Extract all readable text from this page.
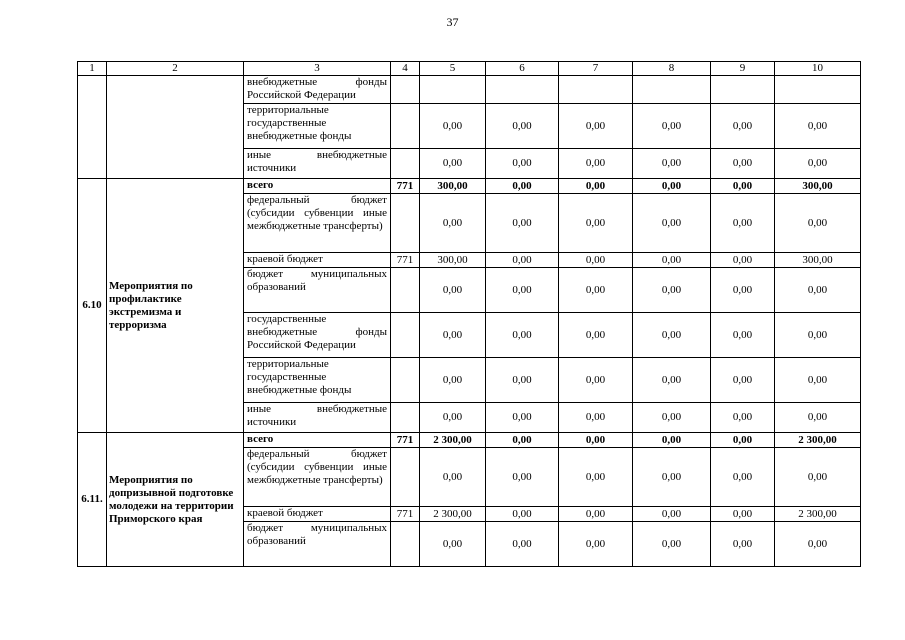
37
1	2	3	4	5	6	7	8	9	10
		внебюджетные фонды Российской Федерации							
		территориальные государственные внебюджетные фонды		0,00	0,00	0,00	0,00	0,00	0,00
		иные внебюджетные источники		0,00	0,00	0,00	0,00	0,00	0,00
6.10	Мероприятия по профилактике экстремизма и терроризма	всего	771	300,00	0,00	0,00	0,00	0,00	300,00
		федеральный бюджет (субсидии субвенции иные межбюджетные трансферты)		0,00	0,00	0,00	0,00	0,00	0,00
		краевой бюджет	771	300,00	0,00	0,00	0,00	0,00	300,00
		бюджет муниципальных образований		0,00	0,00	0,00	0,00	0,00	0,00
		государственные внебюджетные фонды Российской Федерации		0,00	0,00	0,00	0,00	0,00	0,00
		территориальные государственные внебюджетные фонды		0,00	0,00	0,00	0,00	0,00	0,00
		иные внебюджетные источники		0,00	0,00	0,00	0,00	0,00	0,00
6.11.	Мероприятия по допризывной подготовке молодежи на территории Приморского края	всего	771	2 300,00	0,00	0,00	0,00	0,00	2 300,00
		федеральный бюджет (субсидии субвенции иные межбюджетные трансферты)		0,00	0,00	0,00	0,00	0,00	0,00
		краевой бюджет	771	2 300,00	0,00	0,00	0,00	0,00	2 300,00
		бюджет муниципальных образований		0,00	0,00	0,00	0,00	0,00	0,00
